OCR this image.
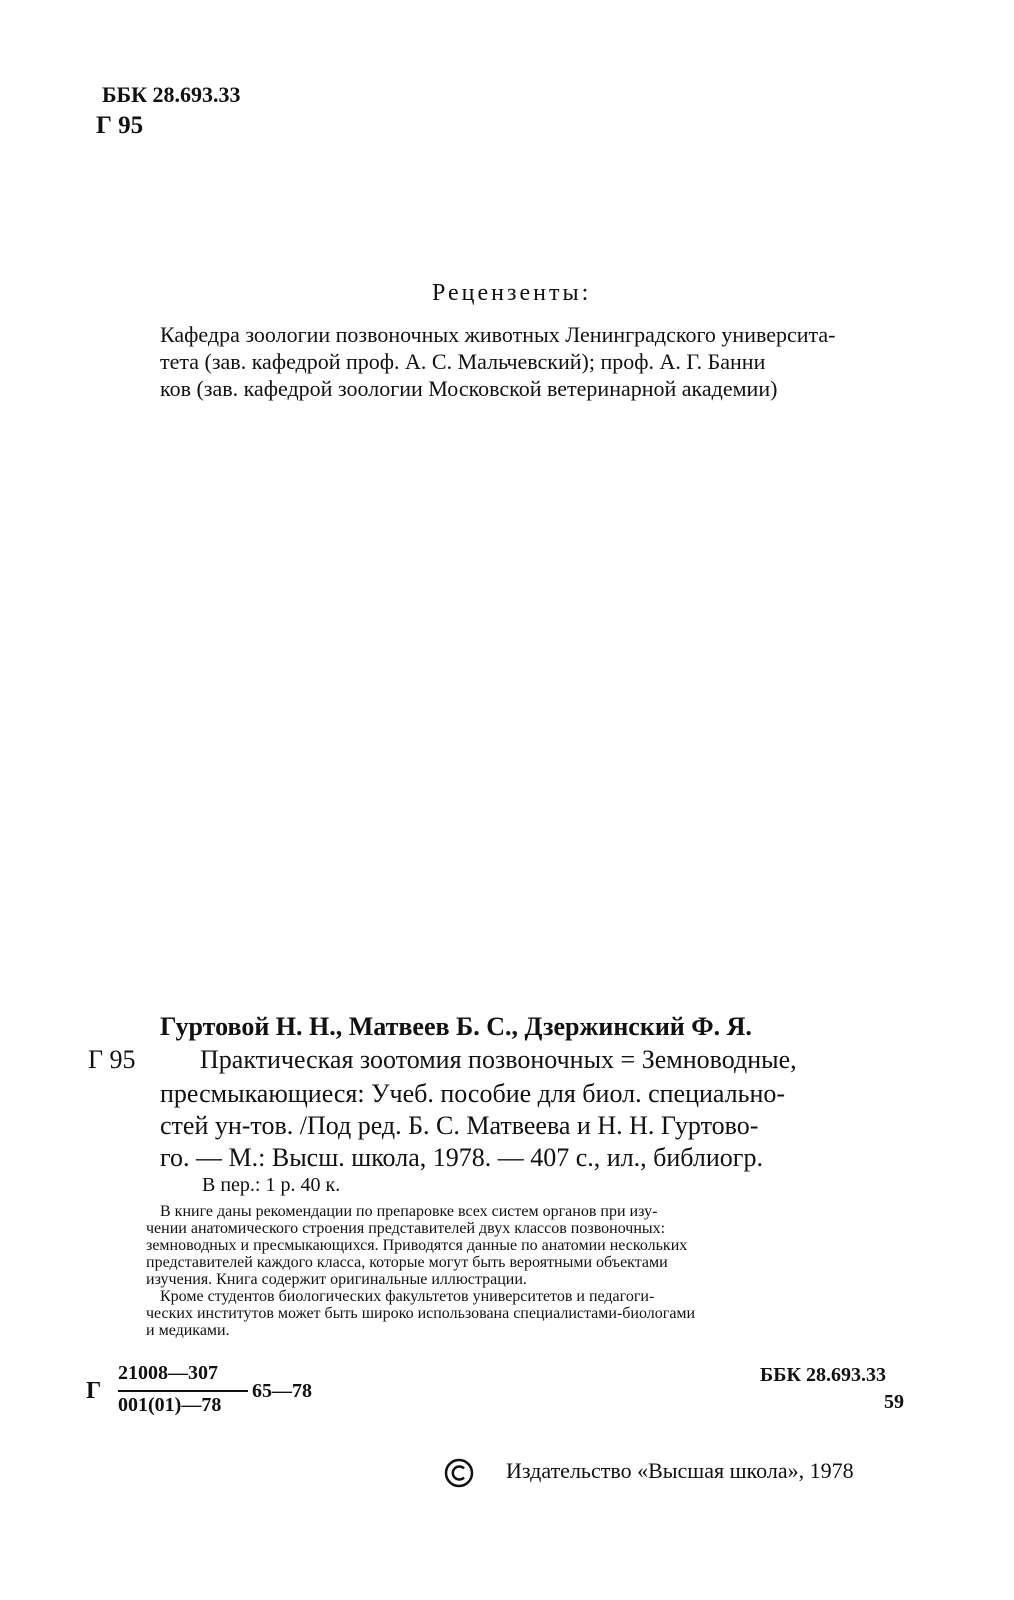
ББК 28.693.33
Г 95
Рецензенты:
Кафедра зоологии позвоночных животных Ленинградского университа-
тета (зав. кафедрой проф. А. С. Мальчевский); проф. А. Г. Банни
ков (зав. кафедрой зоологии Московской ветеринарной академии)
Гуртовой Н. Н., Матвеев Б. С., Дзержинский Ф. Я.
Г 95 Практическая зоотомия позвоночных = Земноводные,
пресмыкающиеся: Учеб. пособие для биол. специально-
стей ун-тов. /Под ред. Б. С. Матвеева и Н. Н. Гуртово-
го. — М.: Высш. школа, 1978. — 407 с., ил., библиогр.
В пер.: 1 р. 40 к.
В книге даны рекомендации по препаровке всех систем органов при изу-
чении анатомического строения представителей двух классов позвоночных:
земноводных и пресмыкающихся. Приводятся данные по анатомии нескольких
представителей каждого класса, которые могут быть вероятными объектами
изучения. Книга содержит оригинальные иллюстрации.
Кроме студентов биологических факультетов университетов и педагоги-
ческих институтов может быть широко использована специалистами-биологами
и медиками.
Г
21008—307
001(01)—78
65—78
ББК 28.693.33
59
Издательство «Высшая школа», 1978
